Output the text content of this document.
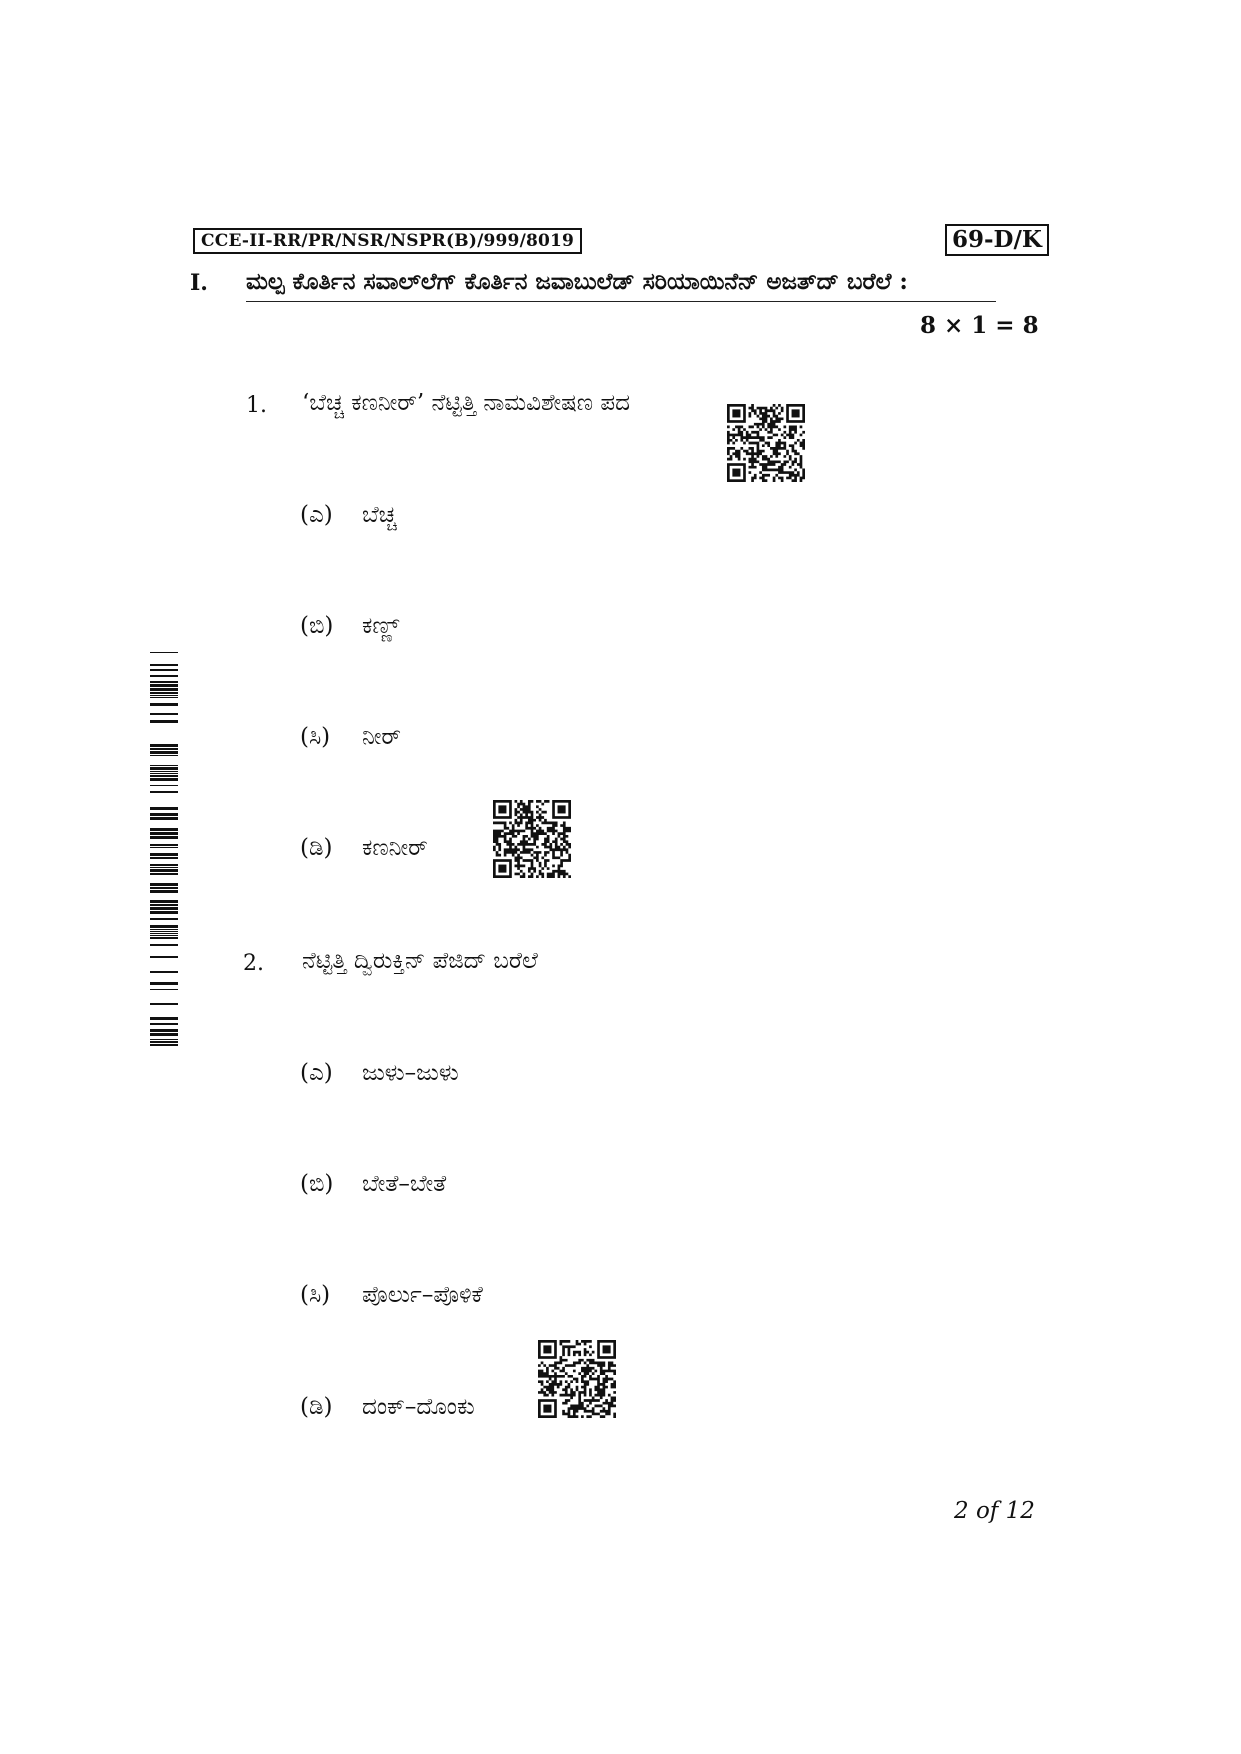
CCE-II-RR/PR/NSR/NSPR(B)/999/8019	69-D/K
I. ಮಲ್ಪ ಕೊರ್ತಿನ ಸವಾಲ್‌ಲೆಗ್ ಕೊರ್ತಿನ ಜವಾಬುಲೆಡ್ ಸರಿಯಾಯಿನೆನ್ ಅಜತ್‌ದ್ ಬರೆಲೆ :
8 × 1 = 8
1. ‘ಬೆಚ್ಚ ಕಣನೀರ್’ ನೆಟ್ಟಿತ್ತಿ ನಾಮವಿಶೇಷಣ ಪದ
(ಎ) ಬೆಚ್ಚ
(ಬಿ) ಕಣ್ಣ್
(ಸಿ) ನೀರ್
(ಡಿ) ಕಣನೀರ್
2. ನೆಟ್ಟಿತ್ತಿ ದ್ವಿರುಕ್ತಿನ್ ಪೆಜಿದ್ ಬರೆಲೆ
(ಎ) ಜುಳು–ಜುಳು
(ಬಿ) ಬೇತೆ–ಬೇತೆ
(ಸಿ) ಪೊರ್ಲು–ಪೊಳಿಕೆ
(ಡಿ) ದಂಕ್–ದೊಂಕು
2 of 12
